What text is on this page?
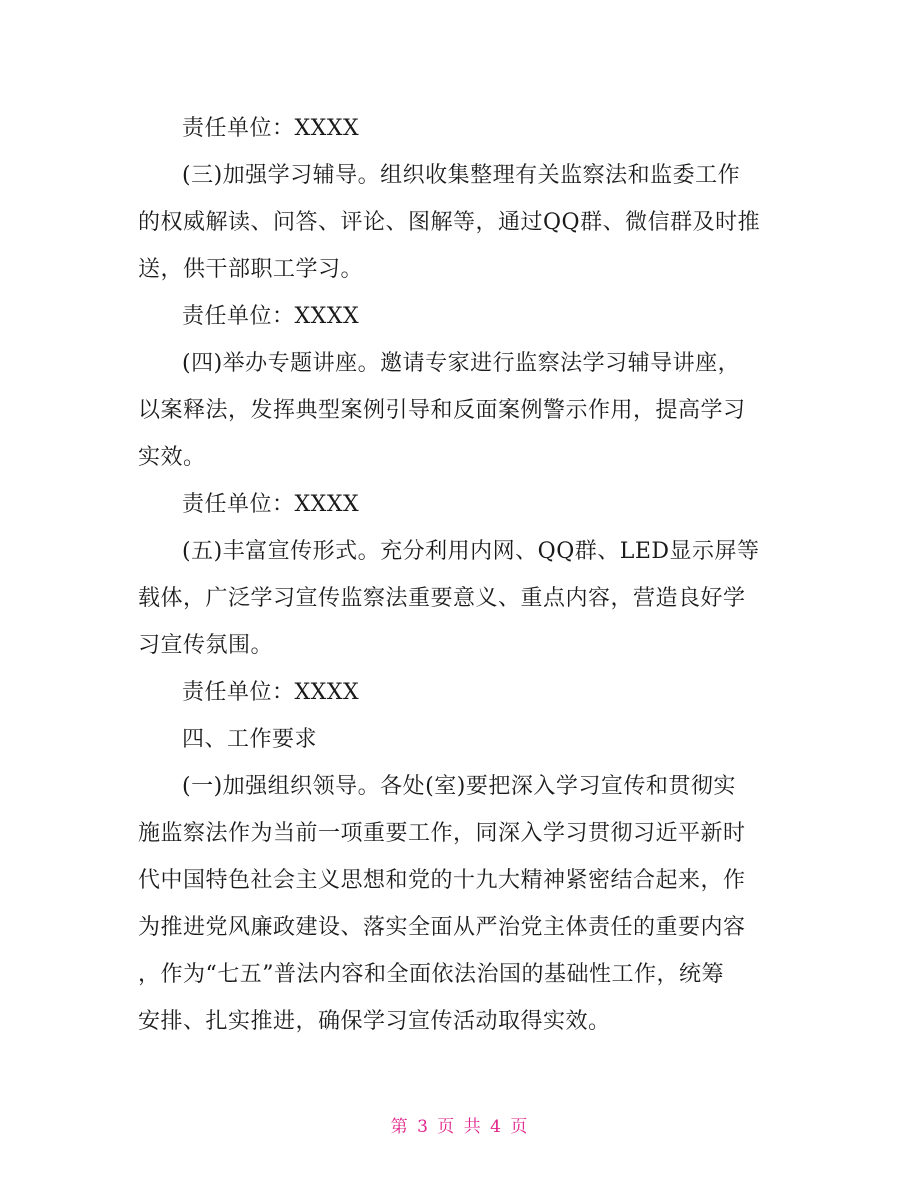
责任单位：XXXX
(三)加强学习辅导。组织收集整理有关监察法和监委工作
的权威解读、问答、评论、图解等，通过QQ群、微信群及时推
送，供干部职工学习。
责任单位：XXXX
(四)举办专题讲座。邀请专家进行监察法学习辅导讲座，
以案释法，发挥典型案例引导和反面案例警示作用，提高学习
实效。
责任单位：XXXX
(五)丰富宣传形式。充分利用内网、QQ群、LED显示屏等
载体，广泛学习宣传监察法重要意义、重点内容，营造良好学
习宣传氛围。
责任单位：XXXX
四、工作要求
(一)加强组织领导。各处(室)要把深入学习宣传和贯彻实
施监察法作为当前一项重要工作，同深入学习贯彻习近平新时
代中国特色社会主义思想和党的十九大精神紧密结合起来，作
为推进党风廉政建设、落实全面从严治党主体责任的重要内容
，作为“七五”普法内容和全面依法治国的基础性工作，统筹
安排、扎实推进，确保学习宣传活动取得实效。
第 3 页 共 4 页
